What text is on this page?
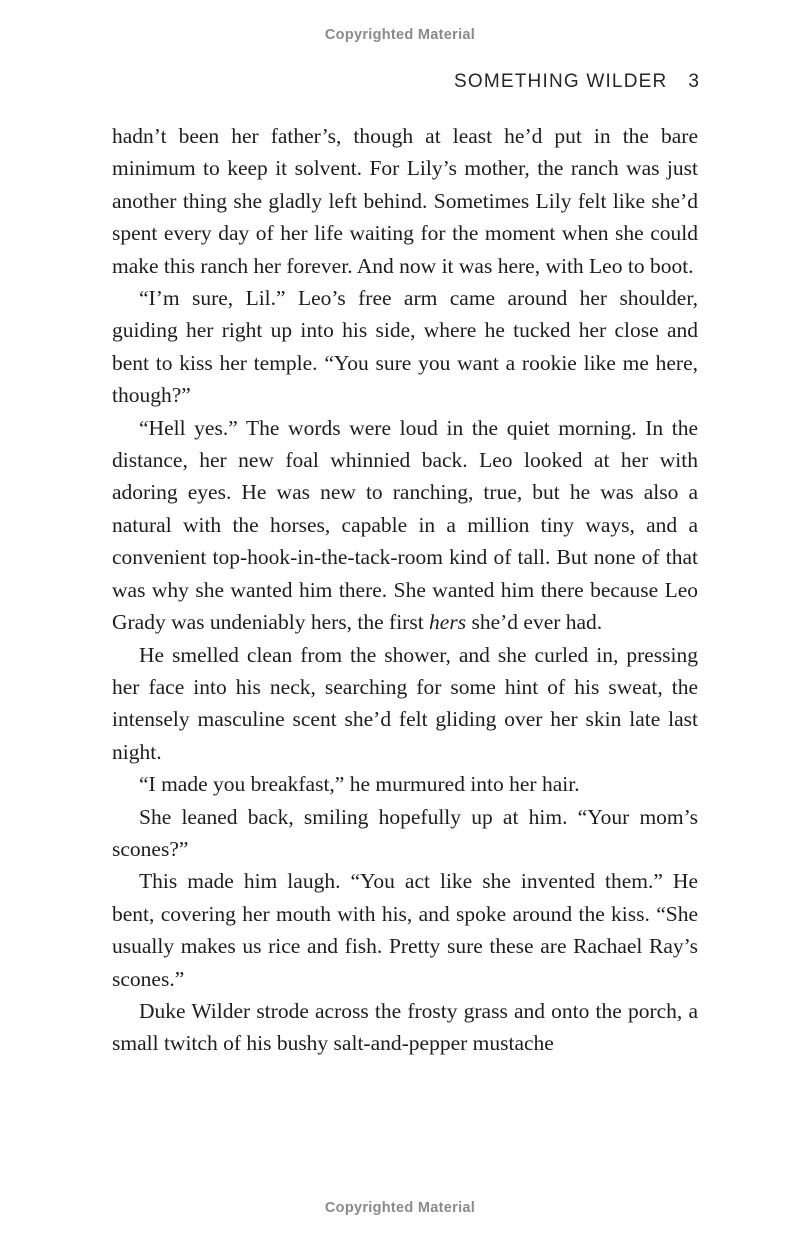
Copyrighted Material
SOMETHING WILDER 3

hadn’t been her father’s, though at least he’d put in the bare minimum to keep it solvent. For Lily’s mother, the ranch was just another thing she gladly left behind. Sometimes Lily felt like she’d spent every day of her life waiting for the moment when she could make this ranch her forever. And now it was here, with Leo to boot.

“I’m sure, Lil.” Leo’s free arm came around her shoulder, guiding her right up into his side, where he tucked her close and bent to kiss her temple. “You sure you want a rookie like me here, though?”

“Hell yes.” The words were loud in the quiet morning. In the distance, her new foal whinnied back. Leo looked at her with adoring eyes. He was new to ranching, true, but he was also a natural with the horses, capable in a million tiny ways, and a convenient top-hook-in-the-tack-room kind of tall. But none of that was why she wanted him there. She wanted him there because Leo Grady was undeniably hers, the first hers she’d ever had.

He smelled clean from the shower, and she curled in, pressing her face into his neck, searching for some hint of his sweat, the intensely masculine scent she’d felt gliding over her skin late last night.

“I made you breakfast,” he murmured into her hair.

She leaned back, smiling hopefully up at him. “Your mom’s scones?”

This made him laugh. “You act like she invented them.” He bent, covering her mouth with his, and spoke around the kiss. “She usually makes us rice and fish. Pretty sure these are Rachael Ray’s scones.”

Duke Wilder strode across the frosty grass and onto the porch, a small twitch of his bushy salt-and-pepper mustache

Copyrighted Material
